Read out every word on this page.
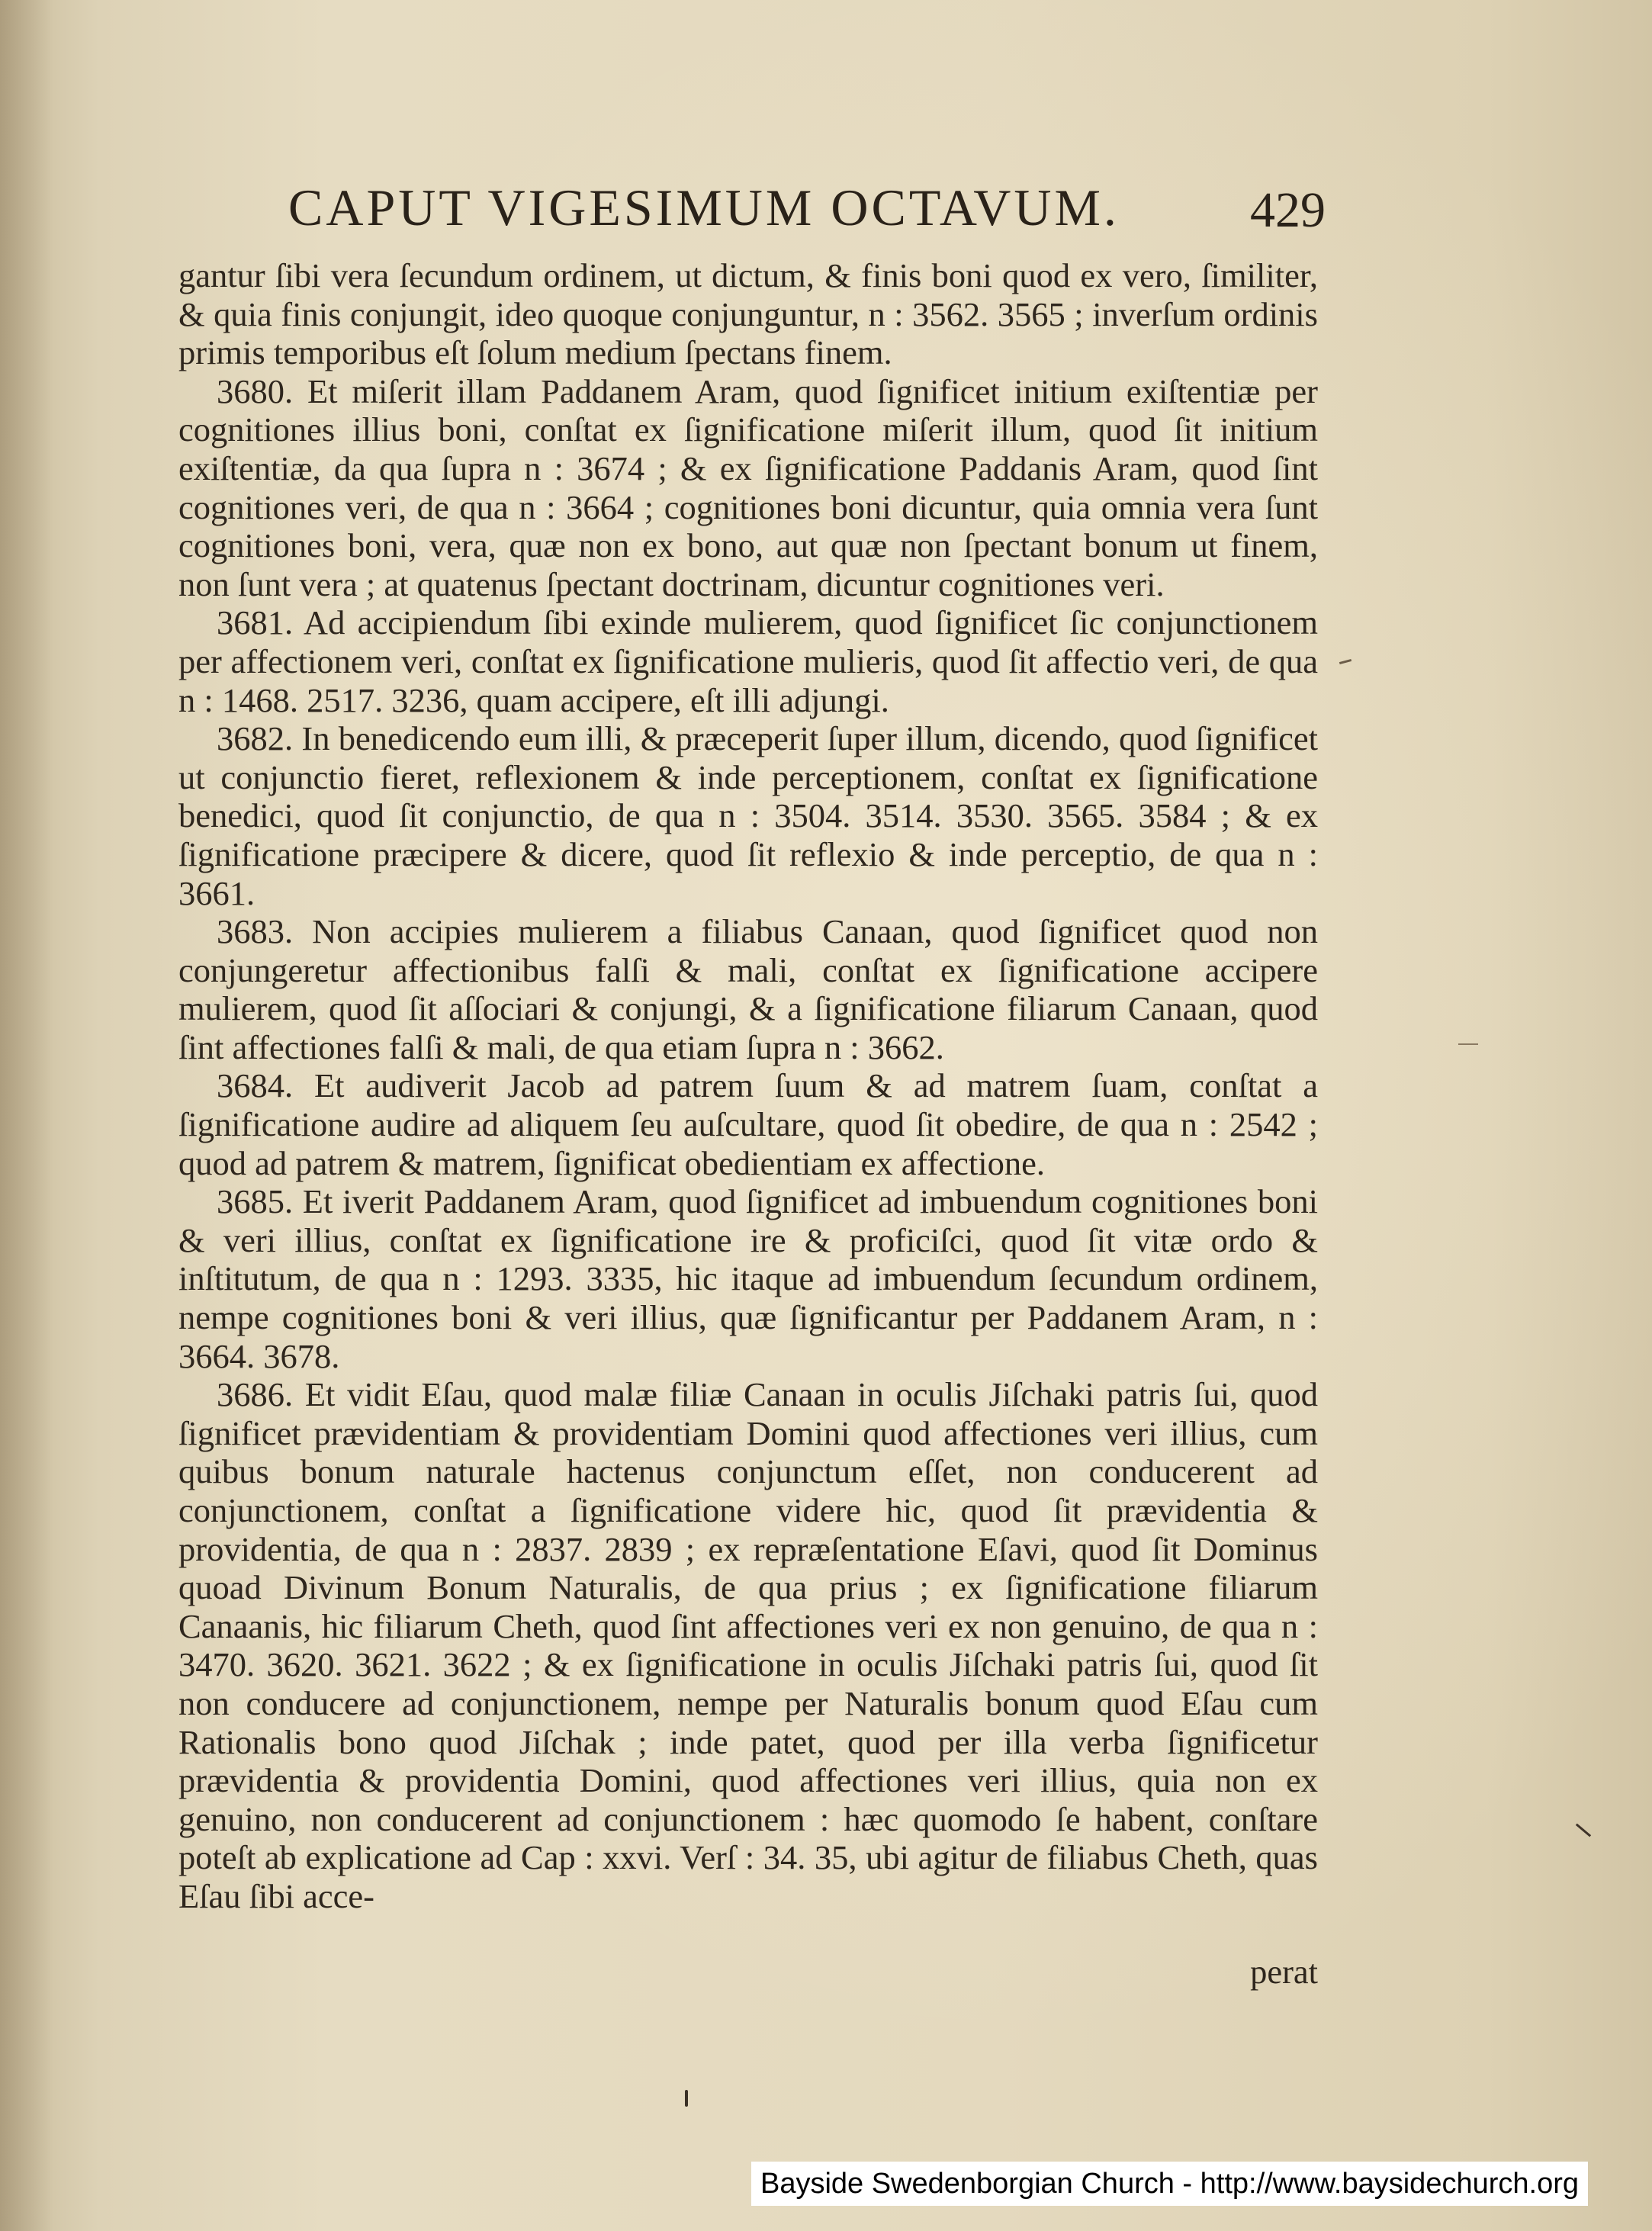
CAPUT VIGESIMUM OCTAVUM.	429

gantur ſibi vera ſecundum ordinem, ut dictum, & finis boni quod ex vero, ſimiliter, & quia finis conjungit, ideo quoque conjunguntur, n : 3562. 3565 ; inverſum ordinis primis temporibus eſt ſolum medium ſpectans finem.

3680. Et miſerit illam Paddanem Aram, quod ſignificet initium exiſtentiæ per cognitiones illius boni, conſtat ex ſignificatione miſerit illum, quod ſit initium exiſtentiæ, da qua ſupra n : 3674 ; & ex ſignificatione Paddanis Aram, quod ſint cognitiones veri, de qua n : 3664 ; cognitiones boni dicuntur, quia omnia vera ſunt cognitiones boni, vera, quæ non ex bono, aut quæ non ſpectant bonum ut finem, non ſunt vera ; at quatenus ſpectant doctrinam, dicuntur cognitiones veri.

3681. Ad accipiendum ſibi exinde mulierem, quod ſignificet ſic conjunctionem per affectionem veri, conſtat ex ſignificatione mulieris, quod ſit affectio veri, de qua n : 1468. 2517. 3236, quam accipere, eſt illi adjungi.

3682. In benedicendo eum illi, & præceperit ſuper illum, dicendo, quod ſignificet ut conjunctio fieret, reflexionem & inde perceptionem, conſtat ex ſignificatione benedici, quod ſit conjunctio, de qua n : 3504. 3514. 3530. 3565. 3584 ; & ex ſignificatione præcipere & dicere, quod ſit reflexio & inde perceptio, de qua n : 3661.

3683. Non accipies mulierem a filiabus Canaan, quod ſignificet quod non conjungeretur affectionibus falſi & mali, conſtat ex ſignificatione accipere mulierem, quod ſit aſſociari & conjungi, & a ſignificatione filiarum Canaan, quod ſint affectiones falſi & mali, de qua etiam ſupra n : 3662.

3684. Et audiverit Jacob ad patrem ſuum & ad matrem ſuam, conſtat a ſignificatione audire ad aliquem ſeu auſcultare, quod ſit obedire, de qua n : 2542 ; quod ad patrem & matrem, ſignificat obedientiam ex affectione.

3685. Et iverit Paddanem Aram, quod ſignificet ad imbuendum cognitiones boni & veri illius, conſtat ex ſignificatione ire & proficiſci, quod ſit vitæ ordo & inſtitutum, de qua n : 1293. 3335, hic itaque ad imbuendum ſecundum ordinem, nempe cognitiones boni & veri illius, quæ ſignificantur per Paddanem Aram, n : 3664. 3678.

3686. Et vidit Eſau, quod malæ filiæ Canaan in oculis Jiſchaki patris ſui, quod ſignificet prævidentiam & providentiam Domini quod affectiones veri illius, cum quibus bonum naturale hactenus conjunctum eſſet, non conducerent ad conjunctionem, conſtat a ſignificatione videre hic, quod ſit prævidentia & providentia, de qua n : 2837. 2839 ; ex repræſentatione Eſavi, quod ſit Dominus quoad Divinum Bonum Naturalis, de qua prius ; ex ſignificatione filiarum Canaanis, hic filiarum Cheth, quod ſint affectiones veri ex non genuino, de qua n : 3470. 3620. 3621. 3622 ; & ex ſignificatione in oculis Jiſchaki patris ſui, quod ſit non conducere ad conjunctionem, nempe per Naturalis bonum quod Eſau cum Rationalis bono quod Jiſchak ; inde patet, quod per illa verba ſignificetur prævidentia & providentia Domini, quod affectiones veri illius, quia non ex genuino, non conducerent ad conjunctionem : hæc quomodo ſe habent, conſtare poteſt ab explicatione ad Cap : xxvi. Verſ : 34. 35, ubi agitur de filiabus Cheth, quas Eſau ſibi acce-

perat
Bayside Swedenborgian Church - http://www.baysidechurch.org
